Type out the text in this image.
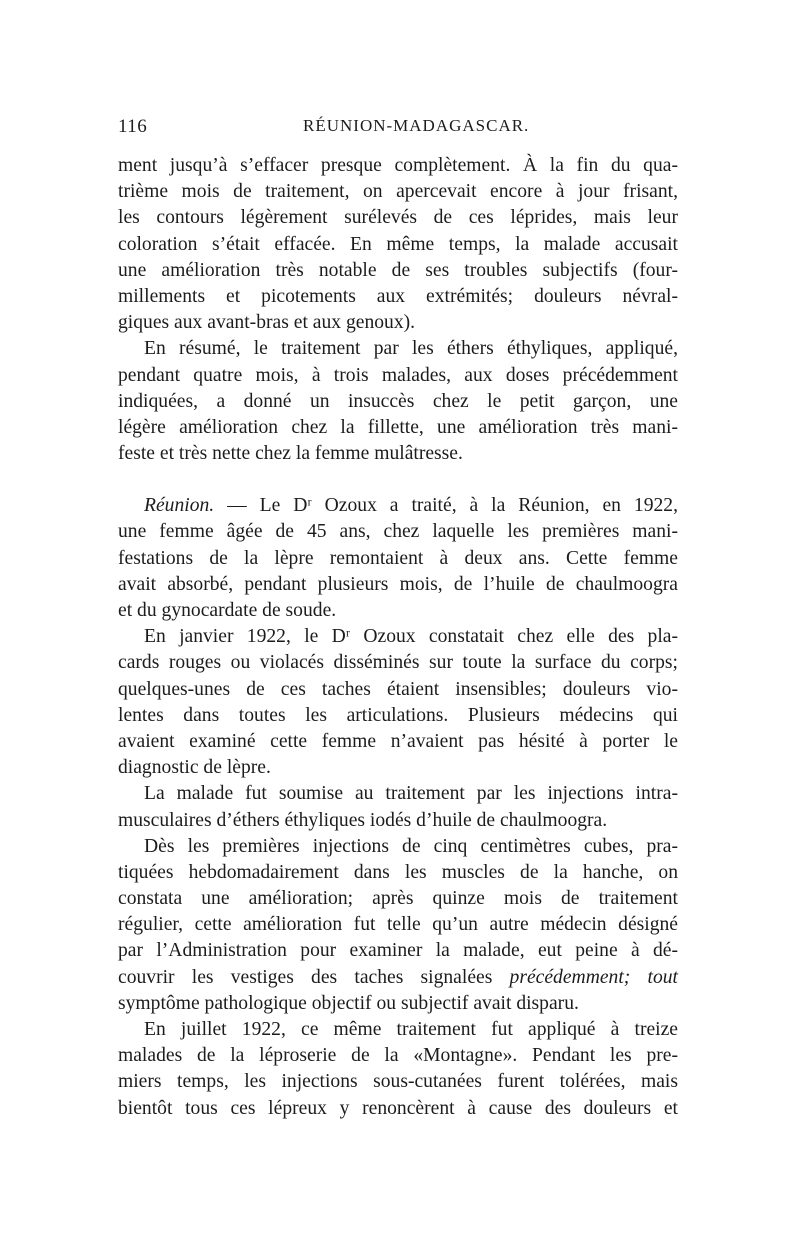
116	RÉUNION-MADAGASCAR.
ment jusqu’à s’effacer presque complètement. À la fin du qua-
trième mois de traitement, on apercevait encore à jour frisant,
les contours légèrement surélevés de ces léprides, mais leur
coloration s’était effacée. En même temps, la malade accusait
une amélioration très notable de ses troubles subjectifs (four-
millements et picotements aux extrémités; douleurs névral-
giques aux avant-bras et aux genoux).
En résumé, le traitement par les éthers éthyliques, appliqué,
pendant quatre mois, à trois malades, aux doses précédemment
indiquées, a donné un insuccès chez le petit garçon, une
légère amélioration chez la fillette, une amélioration très mani-
feste et très nette chez la femme mulâtresse.
Réunion. — Le Dʳ Ozoux a traité, à la Réunion, en 1922,
une femme âgée de 45 ans, chez laquelle les premières mani-
festations de la lèpre remontaient à deux ans. Cette femme
avait absorbé, pendant plusieurs mois, de l’huile de chaulmoogra
et du gynocardate de soude.
En janvier 1922, le Dʳ Ozoux constatait chez elle des pla-
cards rouges ou violacés disséminés sur toute la surface du corps;
quelques-unes de ces taches étaient insensibles; douleurs vio-
lentes dans toutes les articulations. Plusieurs médecins qui
avaient examiné cette femme n’avaient pas hésité à porter le
diagnostic de lèpre.
La malade fut soumise au traitement par les injections intra-
musculaires d’éthers éthyliques iodés d’huile de chaulmoogra.
Dès les premières injections de cinq centimètres cubes, pra-
tiquées hebdomadairement dans les muscles de la hanche, on
constata une amélioration; après quinze mois de traitement
régulier, cette amélioration fut telle qu’un autre médecin désigné
par l’Administration pour examiner la malade, eut peine à dé-
couvrir les vestiges des taches signalées précédemment; tout
symptôme pathologique objectif ou subjectif avait disparu.
En juillet 1922, ce même traitement fut appliqué à treize
malades de la léproserie de la «Montagne». Pendant les pre-
miers temps, les injections sous-cutanées furent tolérées, mais
bientôt tous ces lépreux y renoncèrent à cause des douleurs et
